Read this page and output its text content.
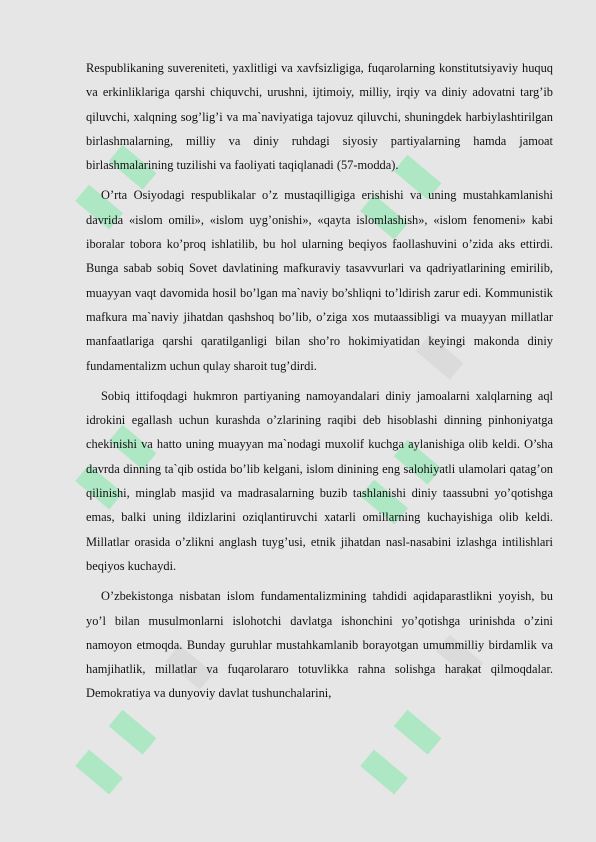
▮ ▮	▮ ▮
▮
▮ ▮	▮ ▮
▮	▮
▮ ▮	▮ ▮

Respublikaning suvereniteti, yaxlitligi va xavfsizligiga, fuqarolarning konstitutsiyaviy huquq va erkinliklariga qarshi chiquvchi, urushni, ijtimoiy, milliy, irqiy va diniy adovatni targ’ib qiluvchi, xalqning sog’lig’i va ma`naviyatiga tajovuz qiluvchi, shuningdek harbiylashtirilgan birlashmalarning, milliy va diniy ruhdagi siyosiy partiyalarning hamda jamoat birlashmalarining tuzilishi va faoliyati taqiqlanadi (57-modda).

O’rta Osiyodagi respublikalar o’z mustaqilligiga erishishi va uning mustahkamlanishi davrida «islom omili», «islom uyg’onishi», «qayta islomlashish», «islom fenomeni» kabi iboralar tobora ko’proq ishlatilib, bu hol ularning beqiyos faollashuvini o’zida aks ettirdi. Bunga sabab sobiq Sovet davlatining mafkuraviy tasavvurlari va qadriyatlarining emirilib, muayyan vaqt davomida hosil bo’lgan ma`naviy bo’shliqni to’ldirish zarur edi. Kommunistik mafkura ma`naviy jihatdan qashshoq bo’lib, o’ziga xos mutaassibligi va muayyan millatlar manfaatlariga qarshi qaratilganligi bilan sho’ro hokimiyatidan keyingi makonda diniy fundamentalizm uchun qulay sharoit tug’dirdi.

Sobiq ittifoqdagi hukmron partiyaning namoyandalari diniy jamoalarni xalqlarning aql idrokini egallash uchun kurashda o’zlarining raqibi deb hisoblashi dinning pinhoniyatga chekinishi va hatto uning muayyan ma`nodagi muxolif kuchga aylanishiga olib keldi. O’sha davrda dinning ta`qib ostida bo’lib kelgani, islom dinining eng salohiyatli ulamolari qatag’on qilinishi, minglab masjid va madrasalarning buzib tashlanishi diniy taassubni yo’qotishga emas, balki uning ildizlarini oziqlantiruvchi xatarli omillarning kuchayishiga olib keldi. Millatlar orasida o’zlikni anglash tuyg’usi, etnik jihatdan nasl-nasabini izlashga intilishlari beqiyos kuchaydi.

O’zbekistonga nisbatan islom fundamentalizmining tahdidi aqidaparastlikni yoyish, bu yo’l bilan musulmonlarni islohotchi davlatga ishonchini yo’qotishga urinishda o’zini namoyon etmoqda. Bunday guruhlar mustahkamlanib borayotgan umummilliy birdamlik va hamjihatlik, millatlar va fuqarolararo totuvlikka rahna solishga harakat qilmoqdalar. Demokratiya va dunyoviy davlat tushunchalarini,
